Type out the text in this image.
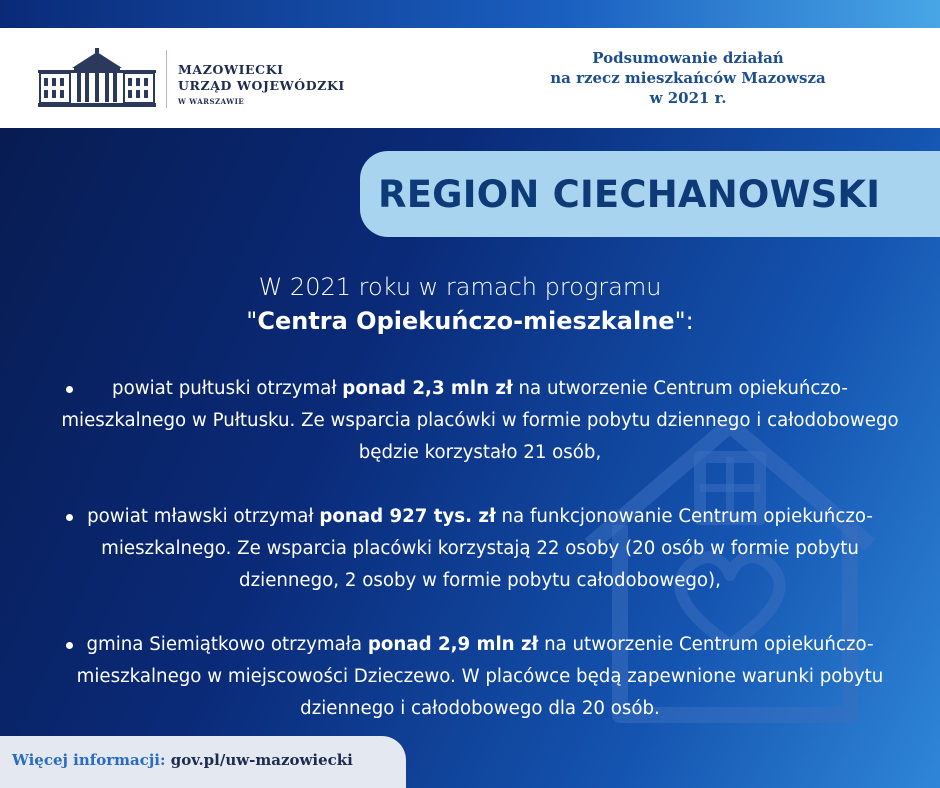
MAZOWIECKI
URZĄD WOJEWÓDZKI
W WARSZAWIE
Podsumowanie działań
na rzecz mieszkańców Mazowsza
w 2021 r.
REGION CIECHANOWSKI
W 2021 roku w ramach programu
"Centra Opiekuńczo-mieszkalne":
powiat pułtuski otrzymał ponad 2,3 mln zł na utworzenie Centrum opiekuńczo-mieszkalnego w Pułtusku. Ze wsparcia placówki w formie pobytu dziennego i całodobowego będzie korzystało 21 osób,
powiat mławski otrzymał ponad 927 tys. zł na funkcjonowanie Centrum opiekuńczo-mieszkalnego. Ze wsparcia placówki korzystają 22 osoby (20 osób w formie pobytu dziennego, 2 osoby w formie pobytu całodobowego),
gmina Siemiątkowo otrzymała ponad 2,9 mln zł na utworzenie Centrum opiekuńczo-mieszkalnego w miejscowości Dzieczewo. W placówce będą zapewnione warunki pobytu dziennego i całodobowego dla 20 osób.
Więcej informacji: gov.pl/uw-mazowiecki
